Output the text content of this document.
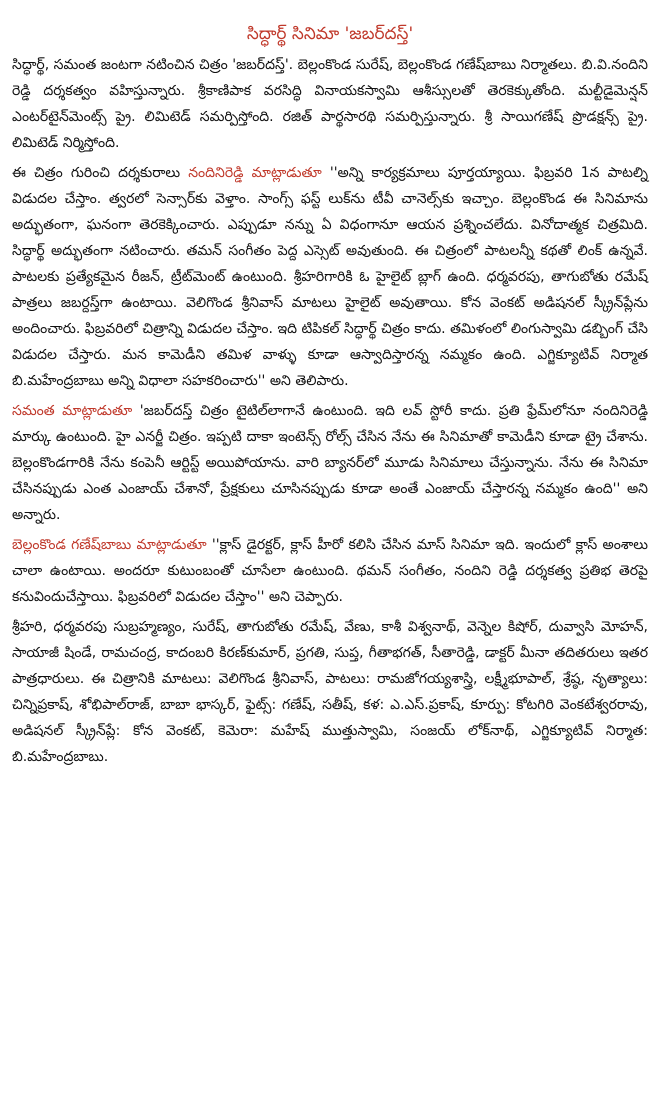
సిద్ధార్థ్ సినిమా 'జబర్‌దస్త్'

సిద్ధార్థ్, సమంత జంటగా నటించిన చిత్రం 'జబర్‌దస్త్'. బెల్లంకొండ సురేష్, బెల్లంకొండ గణేష్‌బాబు నిర్మాతలు. బి.వి.నందిని రెడ్డి దర్శకత్వం వహిస్తున్నారు. శ్రీకాణిపాక వరసిద్ధి వినాయకస్వామి ఆశీస్సులతో తెరకెక్కుతోంది. మల్టీడైమెన్షన్ ఎంటర్‌టైన్‌మెంట్స్ ప్రై. లిమిటెడ్ సమర్పిస్తోంది. రజిత్ పార్థసారథి సమర్పిస్తున్నారు. శ్రీ సాయిగణేష్ ప్రొడక్షన్స్ ప్రై. లిమిటెడ్ నిర్మిస్తోంది.

ఈ చిత్రం గురించి దర్శకురాలు నందినిరెడ్డి మాట్లాడుతూ ''అన్ని కార్యక్రమాలు పూర్తయ్యాయి. ఫిబ్రవరి 1న పాటల్ని విడుదల చేస్తాం. త్వరలో సెన్సార్‌కు వెళ్తాం. సాంగ్స్ ఫస్ట్ లుక్‌ను టీవీ చానెల్స్‌కు ఇచ్చాం. బెల్లంకొండ ఈ సినిమాను అద్భుతంగా, ఘనంగా తెరకెక్కించారు. ఎప్పుడూ నన్ను ఏ విధంగానూ ఆయన ప్రశ్నించలేదు. వినోదాత్మక చిత్రమిది. సిద్ధార్థ్ అద్భుతంగా నటించారు. తమన్ సంగీతం పెద్ద ఎస్సెట్ అవుతుంది. ఈ చిత్రంలో పాటలన్నీ కథతో లింక్ ఉన్నవే. పాటలకు ప్రత్యేకమైన రీజన్, ట్రీట్‌మెంట్ ఉంటుంది. శ్రీహరిగారికి ఓ హైలైట్ బ్లాగ్ ఉంది. ధర్మవరపు, తాగుబోతు రమేష్ పాత్రలు జబర్దస్త్‌గా ఉంటాయి. వెలిగొండ శ్రీనివాస్ మాటలు హైలైట్ అవుతాయి. కోన వెంకట్ అడిషనల్ స్క్రీన్‌ప్లేను అందించారు. ఫిబ్రవరిలో చిత్రాన్ని విడుదల చేస్తాం. ఇది టిపికల్ సిద్ధార్థ్ చిత్రం కాదు. తమిళంలో లింగుస్వామి డబ్బింగ్ చేసి విడుదల చేస్తారు. మన కామెడీని తమిళ వాళ్ళు కూడా ఆస్వాదిస్తారన్న నమ్మకం ఉంది. ఎగ్జిక్యూటివ్ నిర్మాత బి.మహేంద్రబాబు అన్ని విధాలా సహకరించారు'' అని తెలిపారు.

సమంత మాట్లాడుతూ 'జబర్‌దస్త్ చిత్రం టైటిల్‌లాగానే ఉంటుంది. ఇది లవ్ స్టోరీ కాదు. ప్రతి ఫ్రేమ్‌లోనూ నందినిరెడ్డి మార్కు ఉంటుంది. హై ఎనర్జీ చిత్రం. ఇప్పటి దాకా ఇంటెన్స్ రోల్స్ చేసిన నేను ఈ సినిమాతో కామెడీని కూడా ట్రై చేశాను. బెల్లంకొండగారికి నేను కంపెనీ ఆర్టిస్ట్ అయిపోయాను. వారి బ్యానర్‌లో మూడు సినిమాలు చేస్తున్నాను. నేను ఈ సినిమా చేసినప్పుడు ఎంత ఎంజాయ్ చేశానో, ప్రేక్షకులు చూసినప్పుడు కూడా అంతే ఎంజాయ్ చేస్తారన్న నమ్మకం ఉంది'' అని అన్నారు.

బెల్లంకొండ గణేష్‌బాబు మాట్లాడుతూ ''క్లాస్ డైరక్టర్, క్లాస్ హీరో కలిసి చేసిన మాస్ సినిమా ఇది. ఇందులో క్లాస్ అంశాలు చాలా ఉంటాయి. అందరూ కుటుంబంతో చూసేలా ఉంటుంది. థమన్ సంగీతం, నందిని రెడ్డి దర్శకత్వ ప్రతిభ తెరపై కనువిందుచేస్తాయి. ఫిబ్రవరిలో విడుదల చేస్తాం'' అని చెప్పారు.

శ్రీహరి, ధర్మవరపు సుబ్రహ్మణ్యం, సురేష్, తాగుబోతు రమేష్, వేణు, కాశీ విశ్వనాథ్, వెన్నెల కిషోర్, దువ్వాసి మోహన్, సాయాజీ షిండే, రామచంద్ర, కాదంబరి కిరణ్‌కుమార్, ప్రగతి, సుప్త, గీతాభగత్, సీతారెడ్డి, డాక్టర్ మీనా తదితరులు ఇతర పాత్రధారులు. ఈ చిత్రానికి మాటలు: వెలిగొండ శ్రీనివాస్, పాటలు: రామజోగయ్యశాస్త్రి, లక్ష్మీభూపాల్, శ్రేష్ఠ, నృత్యాలు: చిన్నిప్రకాష్, శోభిపాల్‌రాజ్, బాబా భాస్కర్, ఫైట్స్: గణేష్, సతీష్, కళ: ఎ.ఎస్.ప్రకాష్, కూర్పు: కోటగిరి వెంకటేశ్వరరావు, అడిషనల్ స్క్రీన్‌ప్లే: కోన వెంకట్, కెమెరా: మహేష్ ముత్తుస్వామి, సంజయ్ లోక్‌నాథ్, ఎగ్జిక్యూటివ్ నిర్మాత: బి.మహేంద్రబాబు.
